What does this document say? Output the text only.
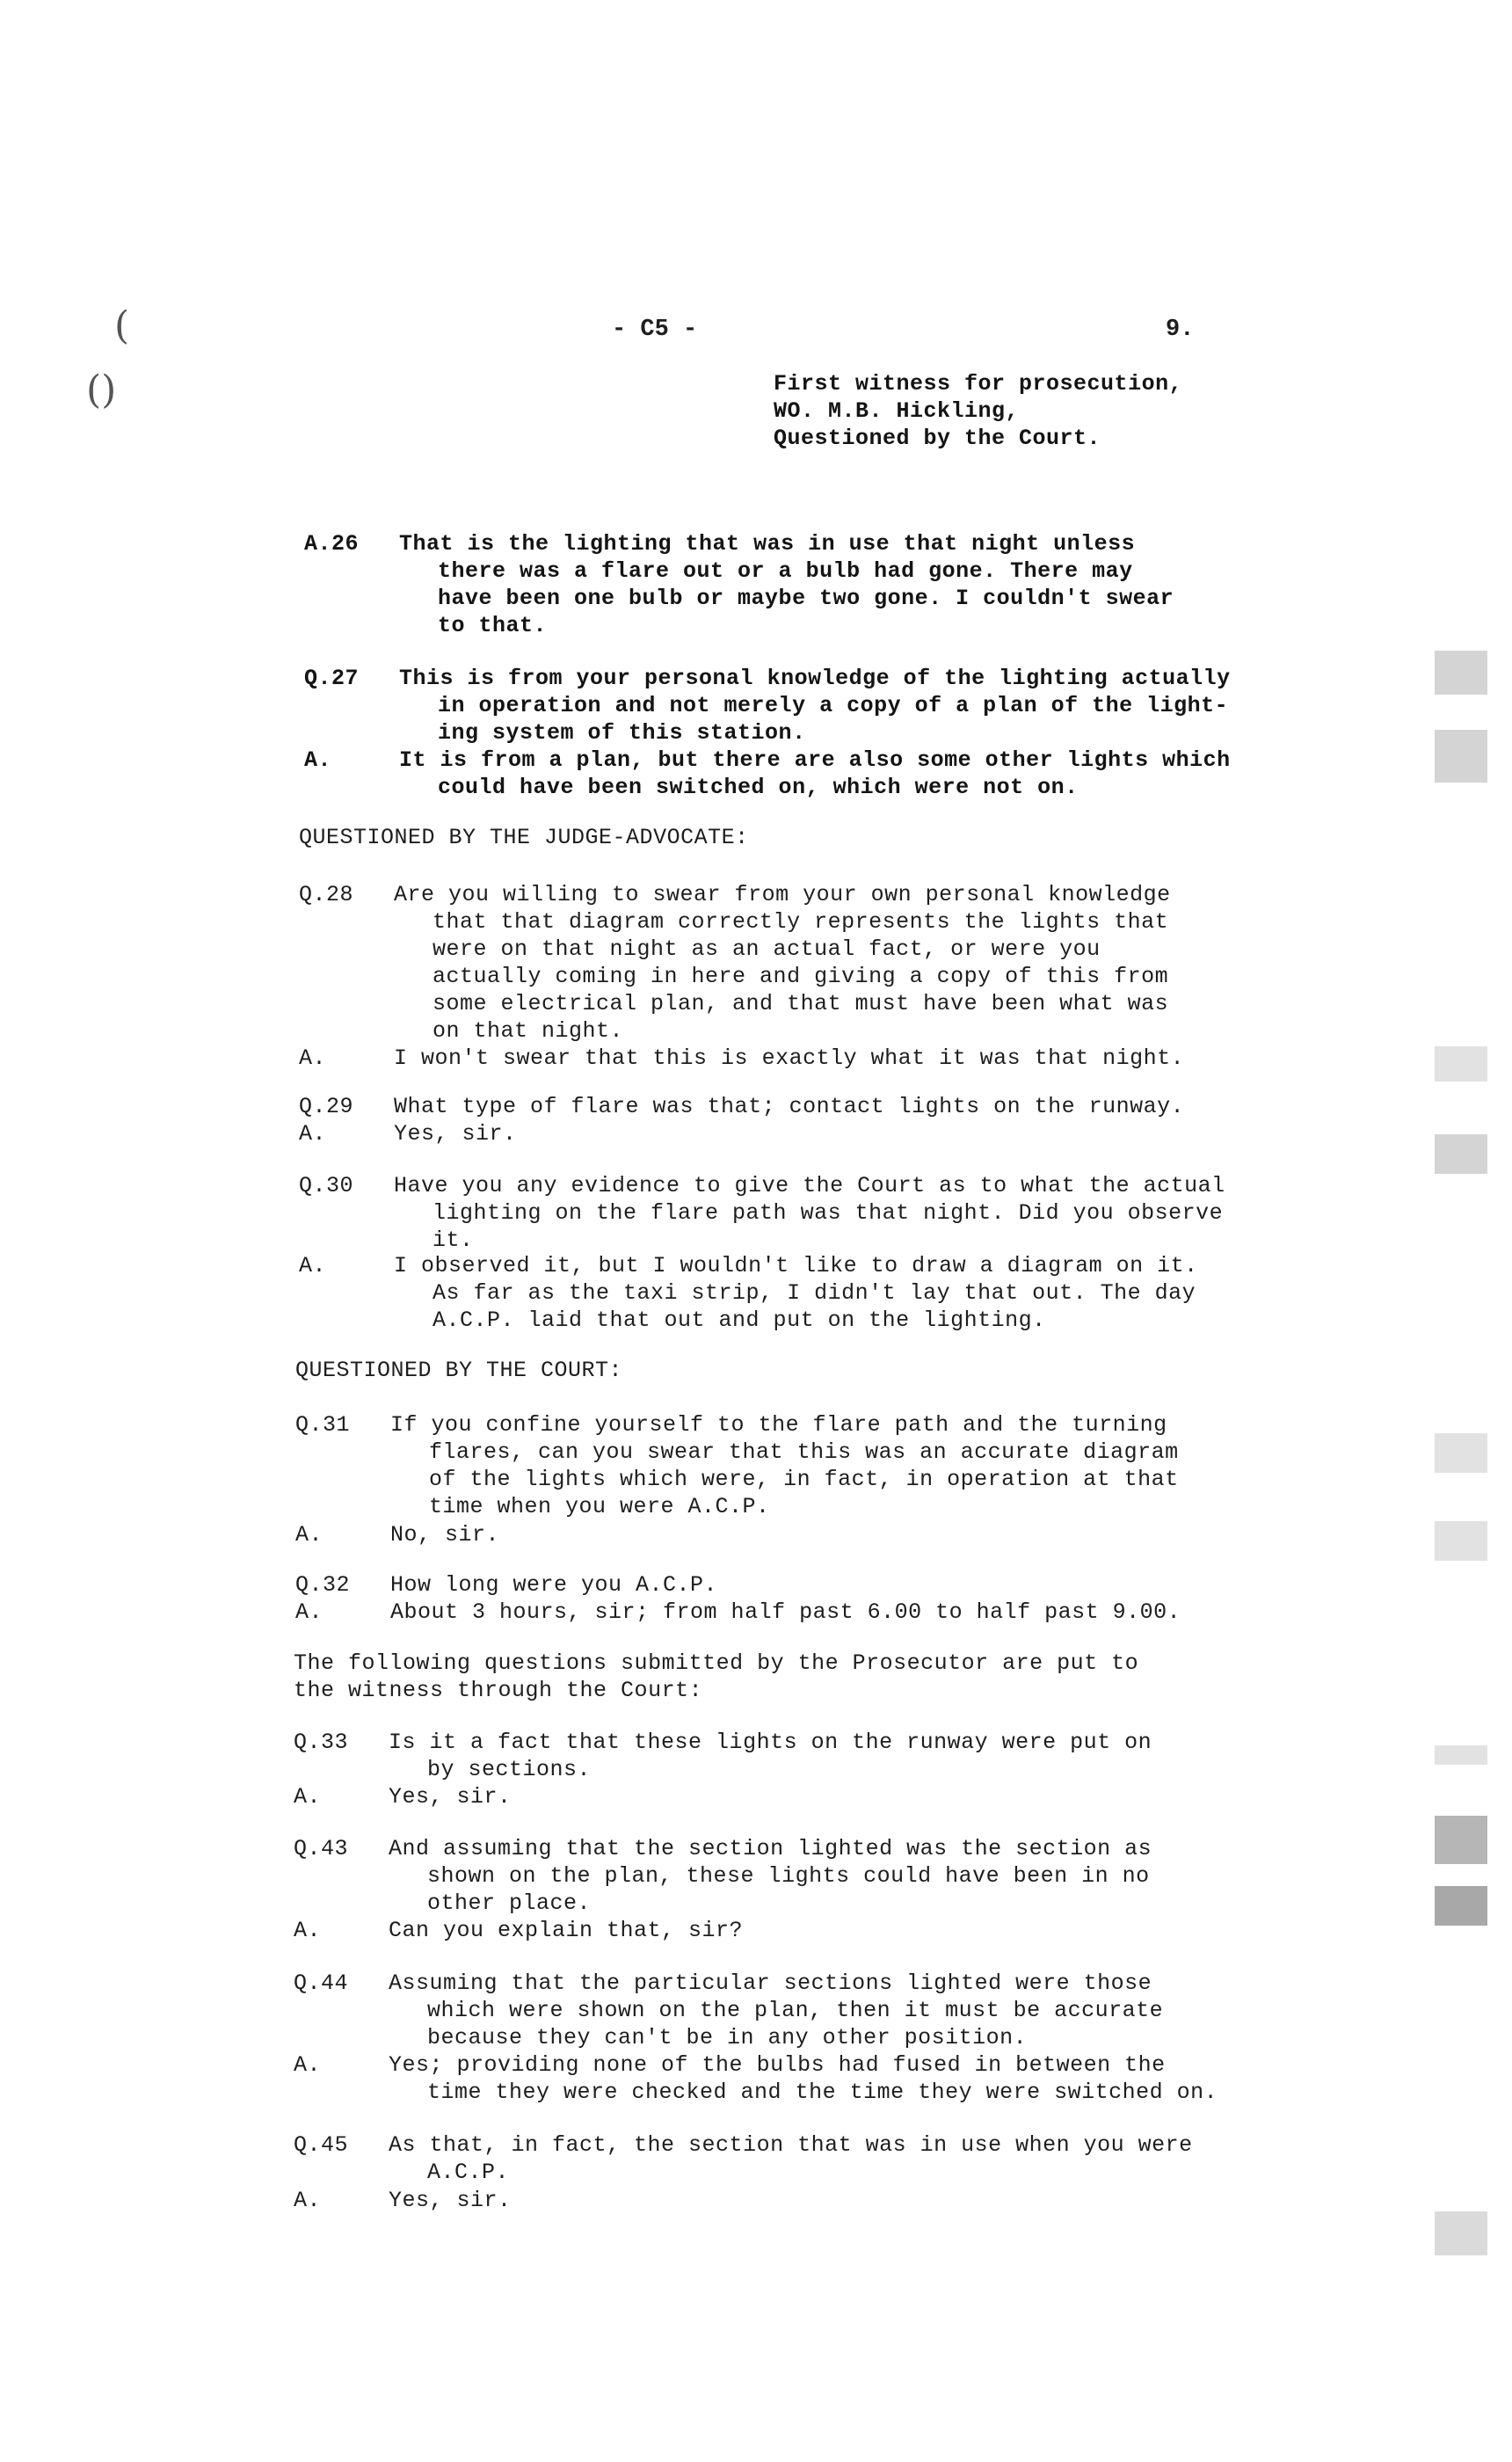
(
()
- C5 -	9.
First witness for prosecution,
WO. M.B. Hickling,
Questioned by the Court.
A.26 That is the lighting that was in use that night unless
there was a flare out or a bulb had gone. There may
have been one bulb or maybe two gone. I couldn't swear
to that.
Q.27 This is from your personal knowledge of the lighting actually
in operation and not merely a copy of a plan of the light-
ing system of this station.
A.	It is from a plan, but there are also some other lights which
could have been switched on, which were not on.
QUESTIONED BY THE JUDGE-ADVOCATE:
Q.28 Are you willing to swear from your own personal knowledge
that that diagram correctly represents the lights that
were on that night as an actual fact, or were you
actually coming in here and giving a copy of this from
some electrical plan, and that must have been what was
on that night.
A.	I won't swear that this is exactly what it was that night.
Q.29 What type of flare was that; contact lights on the runway.
A.	Yes, sir.
Q.30 Have you any evidence to give the Court as to what the actual
lighting on the flare path was that night. Did you observe
it.
A.	I observed it, but I wouldn't like to draw a diagram on it.
As far as the taxi strip, I didn't lay that out. The day
A.C.P. laid that out and put on the lighting.
QUESTIONED BY THE COURT:
Q.31 If you confine yourself to the flare path and the turning
flares, can you swear that this was an accurate diagram
of the lights which were, in fact, in operation at that
time when you were A.C.P.
A.	No, sir.
Q.32 How long were you A.C.P.
A.	About 3 hours, sir; from half past 6.00 to half past 9.00.
The following questions submitted by the Prosecutor are put to
the witness through the Court:
Q.33 Is it a fact that these lights on the runway were put on
by sections.
A.	Yes, sir.
Q.43 And assuming that the section lighted was the section as
shown on the plan, these lights could have been in no
other place.
A.	Can you explain that, sir?
Q.44 Assuming that the particular sections lighted were those
which were shown on the plan, then it must be accurate
because they can't be in any other position.
A.	Yes; providing none of the bulbs had fused in between the
time they were checked and the time they were switched on.
Q.45 As that, in fact, the section that was in use when you were
A.C.P.
A.	Yes, sir.
